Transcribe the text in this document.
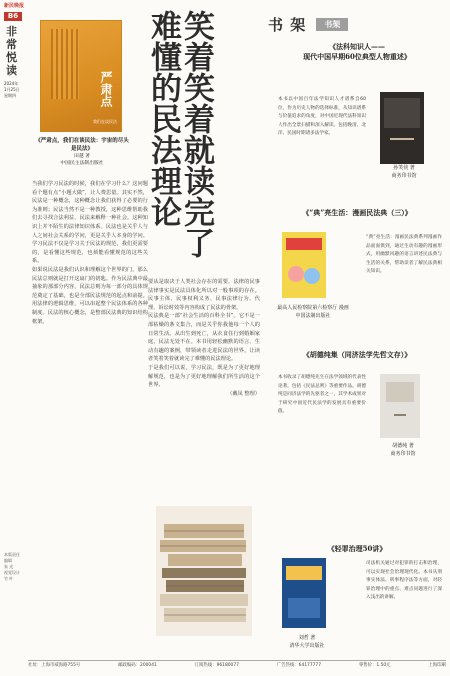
新民晚报
B6
非常悦读
2024年
1月25日
星期四
本版责任编辑
朱 光
视觉设计
竹 叶
严肃点
我们在谈民法
《严肃点，我们在谈民法：宇宙的尽头是民法》
田越 著
中国民主法制出版社	笑着笑着就读完了难懂的民法理论

当我们学习民法的时候，我们在学习什么？这问题看个题有点“小题大做”，让人费思量。其实不然，民法是一种概念，这种概念让我们获得了必要的行为准则；民法当然不是一种教授，这种思维帮助我们去寻找合法利益，民法来解释一种社会。这种知识上并不陌生的法律知识体系。民法也是关乎人与人之间社会关系的学问，更是关乎人本身的学问。学习民法不仅是学习关于民法的规范，我们更需要的，是看懂这些规范，也须能看懂规范的这些关系。

如果说民法是我们认识和理解这个世界的门，那么民法总则就是打开这扇门的钥匙。作为民法典中最抽象的那部分内容，民法总则为每一部分的具体规范奠定了基础，也是全部民法规范的起点和前提。用法律的逻辑思维，可以串起整个民法体系的各种制度。民法的核心概念，是整部民法典的知识结构框架。

要从是取决于人类社会存在的需要。法律的民事法律事实是民法具体化所以对一般事项的存在。民事主体、民事权利义务、民事法律行为、代理、诉讼时效等内容构成了民法的骨架。

民法典是一部“社会生活的百科全书”。它不是一部枯燥的条文集合，而是关乎你我他每一个人的日常生活。从出生到死亡，从衣食住行到婚姻家庭，民法无处不在。本书用轻松幽默的语言、生动有趣的案例，带领读者走进民法的世界，让读者笑着笑着就读完了难懂的民法理论。

于是我们可以说，学习民法，既是为了更好地理解规范，也是为了更好地理解我们所生活的这个世界。

（戴凤 整理）

书 架	书架
《法科知识人——
现代中国早期60位典型人物重述》
本书以中国百年法学知识人才谱系自60位，作为历史人物的选择标准，从知识谱系与价值追求的角度，对中国近现代法科知识人作出全景扫描和深入解读。包括晚清、北洋、民国时期诸多法学家。
孙笑侠 著
商务印书馆
《“典”亮生活：漫画民法典（三）》
“典”亮生活：漫画民法典系列漫画作品面面俱到，通过生动有趣的漫画形式，用幽默风趣的语言讲述民法典与生活的关系，帮助读者了解民法典相关知识。
最高人民检察院第六检察厅 漫画
中国法制出版社
《胡德纯集（同济法学先哲文存）》
本书收录了胡德纯先生在法学领域的代表性论著，包括《民法总则》等重要作品。胡德纯是同济法学的先驱者之一，其学术成果对于研究中国近代民法学的发展具有重要价值。
胡德纯 著
商务印书馆
《轻罪治理50讲》
司法机关通过对犯罪的打击和治理，可以实现社会治理现代化。本书从刑事实体法、刑事程序法等方面，对轻罪治理中的重点、难点问题进行了深入浅出的讲解。
刘哲 著
清华大学出版社
社址：上海市威海路755号	邮政编码：200041	订阅热线：96180077	广告热线：64177777	零售价：1.50元	上海印刷
